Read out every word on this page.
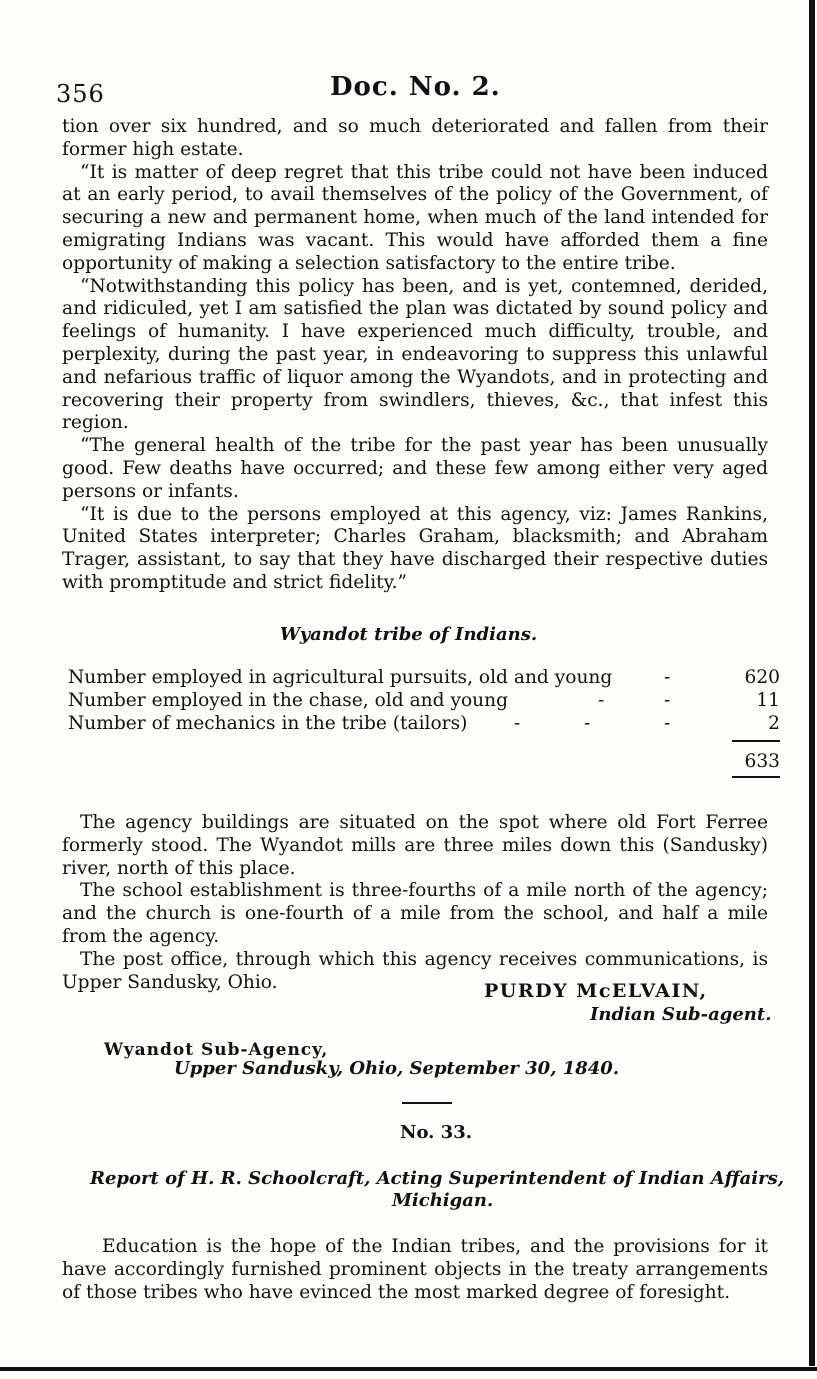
356	Doc. No. 2.

tion over six hundred, and so much deteriorated and fallen from their former high estate.

“It is matter of deep regret that this tribe could not have been induced at an early period, to avail themselves of the policy of the Government, of securing a new and permanent home, when much of the land intended for emigrating Indians was vacant. This would have afforded them a fine opportunity of making a selection satisfactory to the entire tribe.

“Notwithstanding this policy has been, and is yet, contemned, derided, and ridiculed, yet I am satisfied the plan was dictated by sound policy and feelings of humanity. I have experienced much difficulty, trouble, and perplexity, during the past year, in endeavoring to suppress this unlawful and nefarious traffic of liquor among the Wyandots, and in protecting and recovering their property from swindlers, thieves, &c., that infest this region.

“The general health of the tribe for the past year has been unusually good. Few deaths have occurred; and these few among either very aged persons or infants.

“It is due to the persons employed at this agency, viz: James Rankins, United States interpreter; Charles Graham, blacksmith; and Abraham Trager, assistant, to say that they have discharged their respective duties with promptitude and strict fidelity.”

Wyandot tribe of Indians.
Number employed in agricultural pursuits, old and young	-	620
Number employed in the chase, old and young	-	-	11
Number of mechanics in the tribe (tailors)	-	-	-	2
633

The agency buildings are situated on the spot where old Fort Ferree formerly stood. The Wyandot mills are three miles down this (Sandusky) river, north of this place.

The school establishment is three-fourths of a mile north of the agency; and the church is one-fourth of a mile from the school, and half a mile from the agency.

The post office, through which this agency receives communications, is Upper Sandusky, Ohio.	PURDY McELVAIN,
Indian Sub-agent.
Wyandot Sub-Agency,
Upper Sandusky, Ohio, September 30, 1840.
No. 33.
Report of H. R. Schoolcraft, Acting Superintendent of Indian Affairs,
Michigan.

Education is the hope of the Indian tribes, and the provisions for it have accordingly furnished prominent objects in the treaty arrangements of those tribes who have evinced the most marked degree of foresight.
